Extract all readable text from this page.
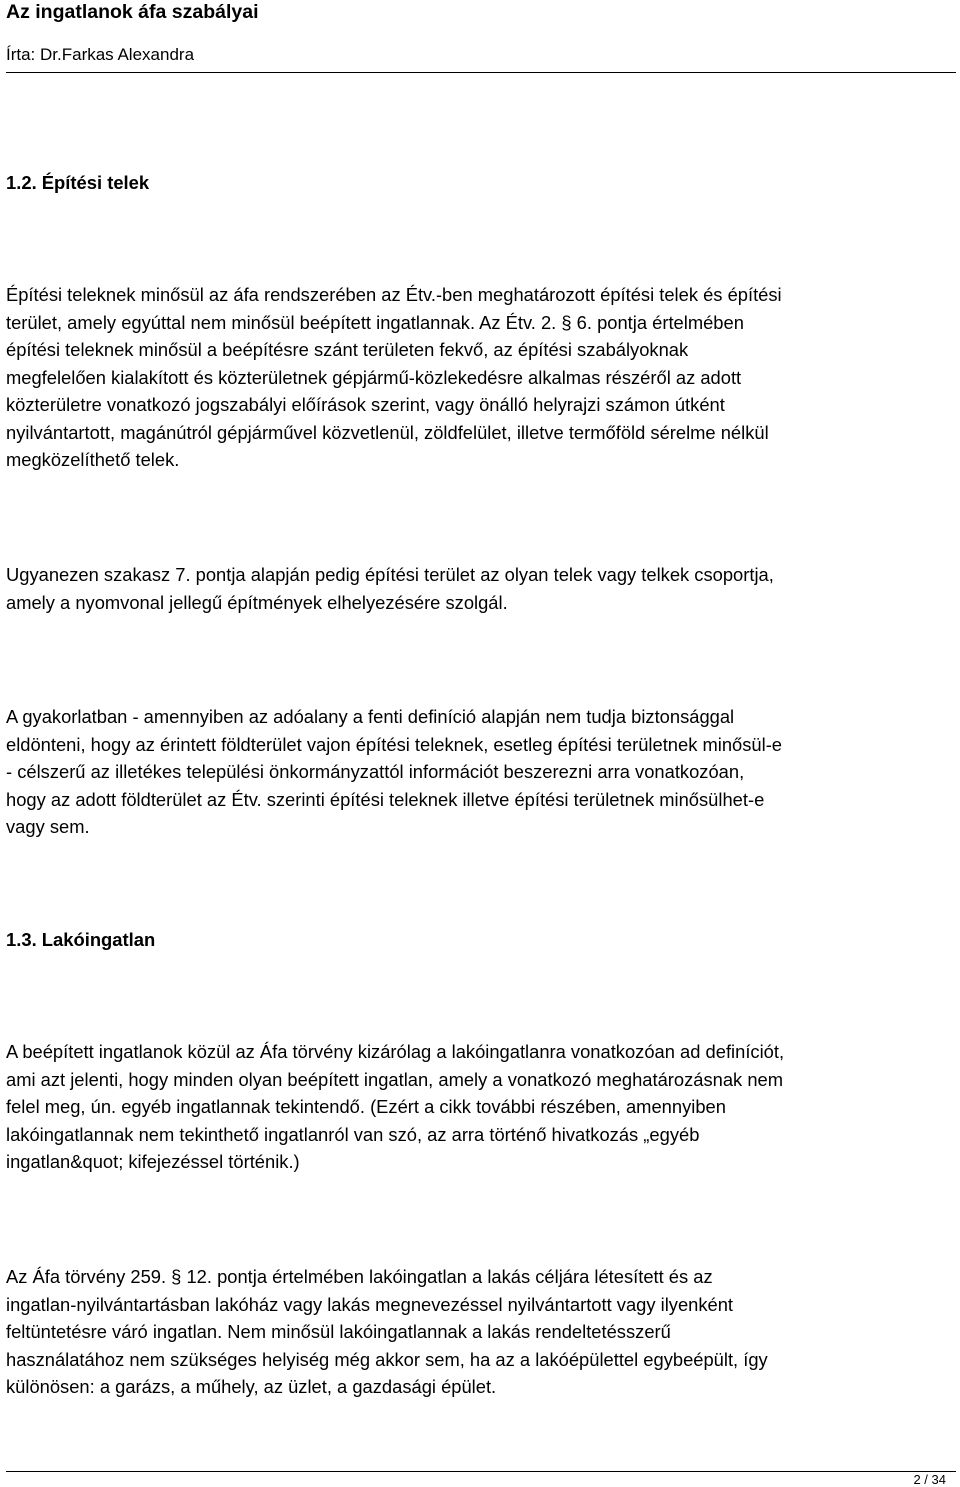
Az ingatlanok áfa szabályai
Írta: Dr.Farkas Alexandra
1.2. Építési telek

Építési teleknek minősül az áfa rendszerében az Étv.-ben meghatározott építési telek és építési
terület, amely egyúttal nem minősül beépített ingatlannak. Az Étv. 2. § 6. pontja értelmében
építési teleknek minősül a beépítésre szánt területen fekvő, az építési szabályoknak
megfelelően kialakított és közterületnek gépjármű-közlekedésre alkalmas részéről az adott
közterületre vonatkozó jogszabályi előírások szerint, vagy önálló helyrajzi számon útként
nyilvántartott, magánútról gépjárművel közvetlenül, zöldfelület, illetve termőföld sérelme nélkül
megközelíthető telek.

Ugyanezen szakasz 7. pontja alapján pedig építési terület az olyan telek vagy telkek csoportja,
amely a nyomvonal jellegű építmények elhelyezésére szolgál.

A gyakorlatban - amennyiben az adóalany a fenti definíció alapján nem tudja biztonsággal
eldönteni, hogy az érintett földterület vajon építési teleknek, esetleg építési területnek minősül-e
- célszerű az illetékes települési önkormányzattól információt beszerezni arra vonatkozóan,
hogy az adott földterület az Étv. szerinti építési teleknek illetve építési területnek minősülhet-e
vagy sem.

1.3. Lakóingatlan

A beépített ingatlanok közül az Áfa törvény kizárólag a lakóingatlanra vonatkozóan ad definíciót,
ami azt jelenti, hogy minden olyan beépített ingatlan, amely a vonatkozó meghatározásnak nem
felel meg, ún. egyéb ingatlannak tekintendő. (Ezért a cikk további részében, amennyiben
lakóingatlannak nem tekinthető ingatlanról van szó, az arra történő hivatkozás „egyéb
ingatlan&quot; kifejezéssel történik.)

Az Áfa törvény 259. § 12. pontja értelmében lakóingatlan a lakás céljára létesített és az
ingatlan-nyilvántartásban lakóház vagy lakás megnevezéssel nyilvántartott vagy ilyenként
feltüntetésre váró ingatlan. Nem minősül lakóingatlannak a lakás rendeltetésszerű
használatához nem szükséges helyiség még akkor sem, ha az a lakóépülettel egybeépült, így
különösen: a garázs, a műhely, az üzlet, a gazdasági épület.

2 / 34
